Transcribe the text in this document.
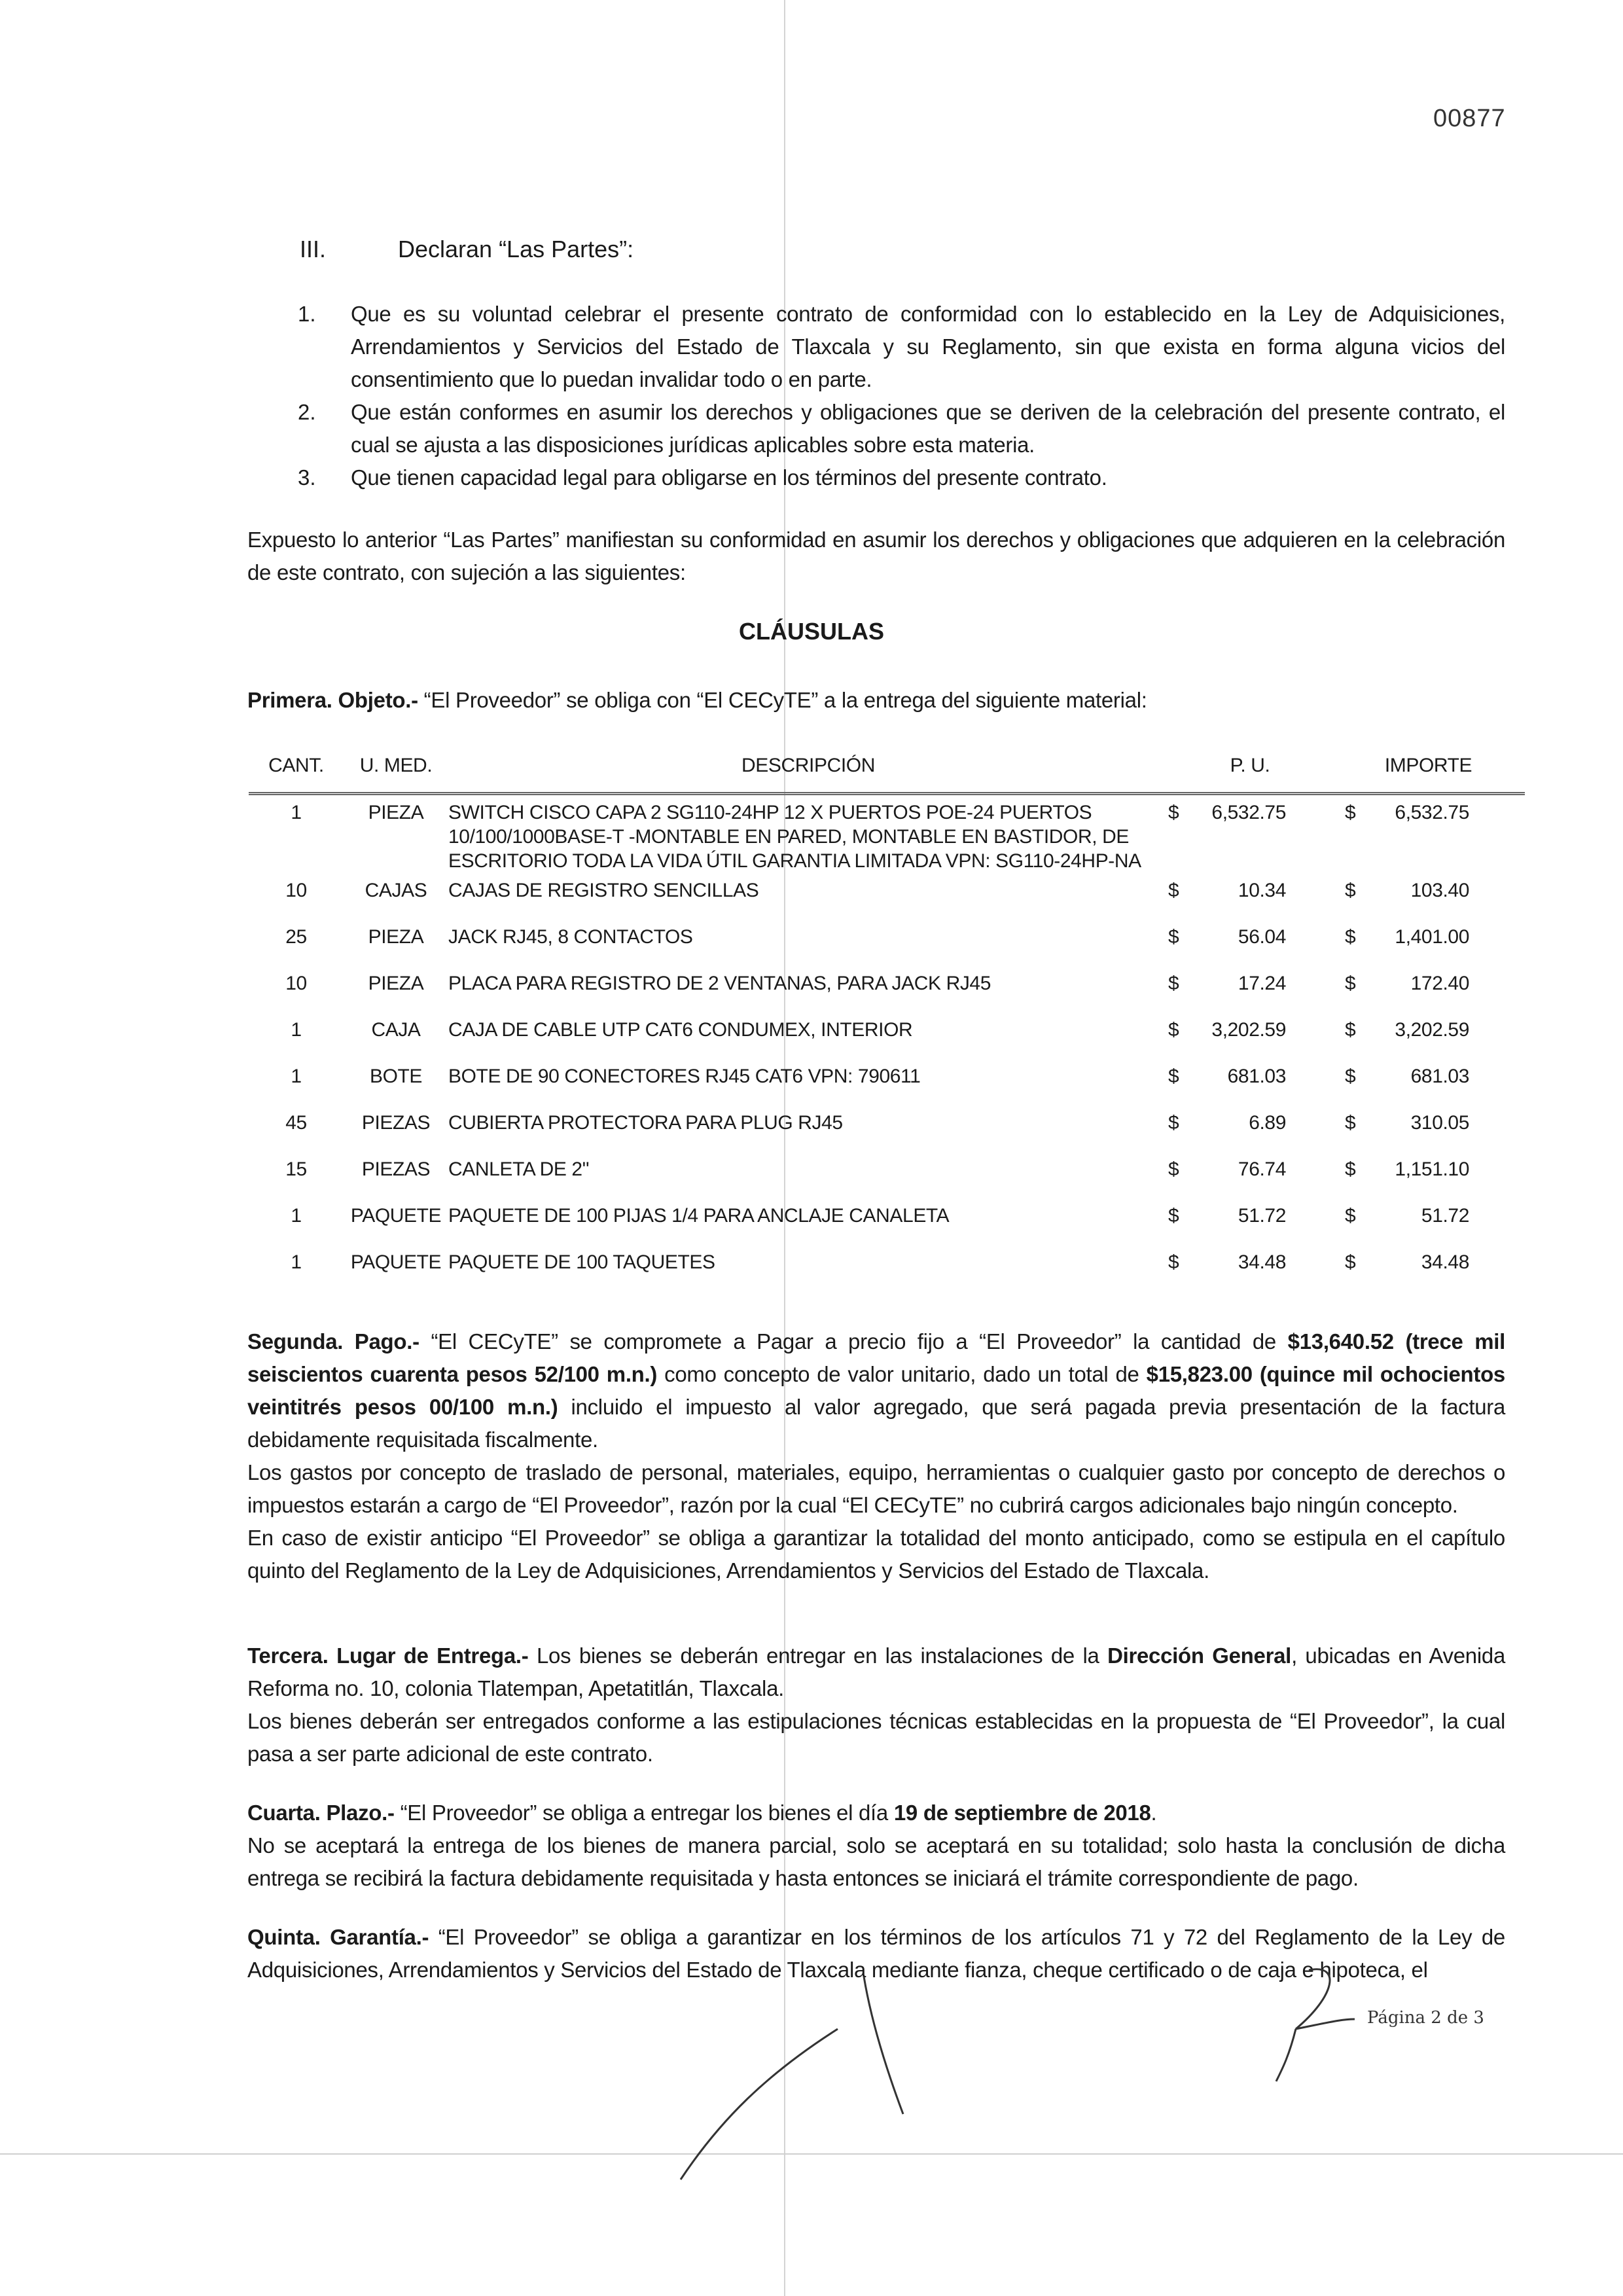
00877
III.	Declaran “Las Partes”:
1.	Que es su voluntad celebrar el presente contrato de conformidad con lo establecido en la Ley de Adquisiciones, Arrendamientos y Servicios del Estado de Tlaxcala y su Reglamento, sin que exista en forma alguna vicios del consentimiento que lo puedan invalidar todo o en parte.
2.	Que están conformes en asumir los derechos y obligaciones que se deriven de la celebración del presente contrato, el cual se ajusta a las disposiciones jurídicas aplicables sobre esta materia.
3.	Que tienen capacidad legal para obligarse en los términos del presente contrato.

Expuesto lo anterior “Las Partes” manifiestan su conformidad en asumir los derechos y obligaciones que adquieren en la celebración de este contrato, con sujeción a las siguientes:

CLÁUSULAS
Primera. Objeto.- “El Proveedor” se obliga con “El CECyTE” a la entrega del siguiente material:
CANT.	U. MED.	DESCRIPCIÓN	P. U.	IMPORTE
1	PIEZA	SWITCH CISCO CAPA 2 SG110-24HP 12 X PUERTOS POE-24 PUERTOS 10/100/1000BASE-T -MONTABLE EN PARED, MONTABLE EN BASTIDOR, DE ESCRITORIO TODA LA VIDA ÚTIL GARANTIA LIMITADA VPN: SG110-24HP-NA	$ 6,532.75	$ 6,532.75
10	CAJAS	CAJAS DE REGISTRO SENCILLAS	$ 10.34	$ 103.40
25	PIEZA	JACK RJ45, 8 CONTACTOS	$ 56.04	$ 1,401.00
10	PIEZA	PLACA PARA REGISTRO DE 2 VENTANAS, PARA JACK RJ45	$ 17.24	$ 172.40
1	CAJA	CAJA DE CABLE UTP CAT6 CONDUMEX, INTERIOR	$ 3,202.59	$ 3,202.59
1	BOTE	BOTE DE 90 CONECTORES RJ45 CAT6 VPN: 790611	$ 681.03	$ 681.03
45	PIEZAS	CUBIERTA PROTECTORA PARA PLUG RJ45	$ 6.89	$ 310.05
15	PIEZAS	CANLETA DE 2"	$ 76.74	$ 1,151.10
1	PAQUETE	PAQUETE DE 100 PIJAS 1/4 PARA ANCLAJE CANALETA	$ 51.72	$ 51.72
1	PAQUETE	PAQUETE DE 100 TAQUETES	$ 34.48	$ 34.48

Segunda. Pago.- “El CECyTE” se compromete a Pagar a precio fijo a “El Proveedor” la cantidad de $13,640.52 (trece mil seiscientos cuarenta pesos 52/100 m.n.) como concepto de valor unitario, dado un total de $15,823.00 (quince mil ochocientos veintitrés pesos 00/100 m.n.) incluido el impuesto al valor agregado, que será pagada previa presentación de la factura debidamente requisitada fiscalmente.

Los gastos por concepto de traslado de personal, materiales, equipo, herramientas o cualquier gasto por concepto de derechos o impuestos estarán a cargo de “El Proveedor”, razón por la cual “El CECyTE” no cubrirá cargos adicionales bajo ningún concepto.

En caso de existir anticipo “El Proveedor” se obliga a garantizar la totalidad del monto anticipado, como se estipula en el capítulo quinto del Reglamento de la Ley de Adquisiciones, Arrendamientos y Servicios del Estado de Tlaxcala.

Tercera. Lugar de Entrega.- Los bienes se deberán entregar en las instalaciones de la Dirección General, ubicadas en Avenida Reforma no. 10, colonia Tlatempan, Apetatitlán, Tlaxcala.

Los bienes deberán ser entregados conforme a las estipulaciones técnicas establecidas en la propuesta de “El Proveedor”, la cual pasa a ser parte adicional de este contrato.

Cuarta. Plazo.- “El Proveedor” se obliga a entregar los bienes el día 19 de septiembre de 2018.

No se aceptará la entrega de los bienes de manera parcial, solo se aceptará en su totalidad; solo hasta la conclusión de dicha entrega se recibirá la factura debidamente requisitada y hasta entonces se iniciará el trámite correspondiente de pago.

Quinta. Garantía.- “El Proveedor” se obliga a garantizar en los términos de los artículos 71 y 72 del Reglamento de la Ley de Adquisiciones, Arrendamientos y Servicios del Estado de Tlaxcala mediante fianza, cheque certificado o de caja e hipoteca, el

Página 2 de 3
